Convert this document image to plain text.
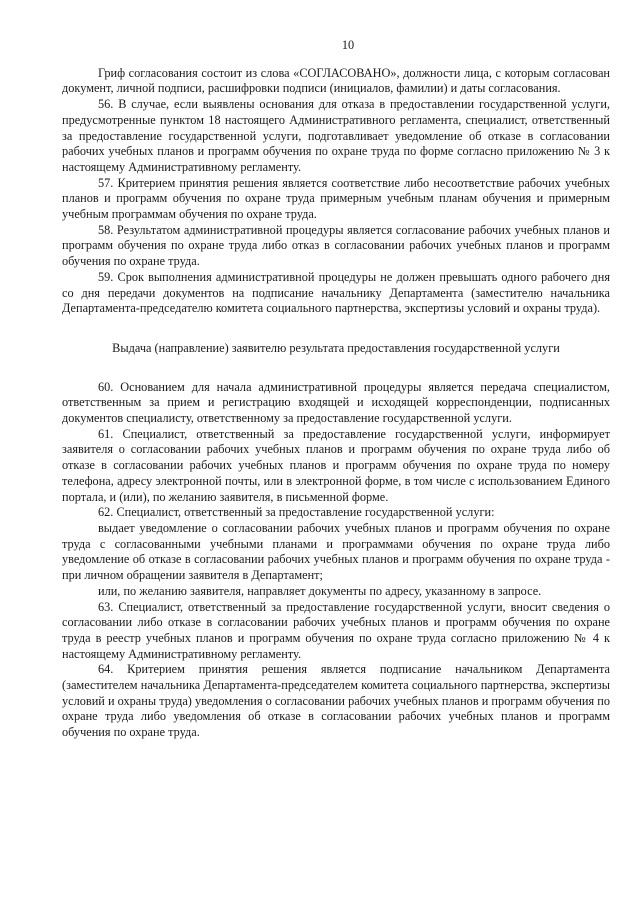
10

Гриф согласования состоит из слова «СОГЛАСОВАНО», должности лица, с которым согласован документ, личной подписи, расшифровки подписи (инициалов, фамилии) и даты согласования.

56. В случае, если выявлены основания для отказа в предоставлении государственной услуги, предусмотренные пунктом 18 настоящего Административного регламента, специалист, ответственный за предоставление государственной услуги, подготавливает уведомление об отказе в согласовании рабочих учебных планов и программ обучения по охране труда по форме согласно приложению № 3 к настоящему Административному регламенту.

57. Критерием принятия решения является соответствие либо несоответствие рабочих учебных планов и программ обучения по охране труда примерным учебным планам обучения и примерным учебным программам обучения по охране труда.

58. Результатом административной процедуры является согласование рабочих учебных планов и программ обучения по охране труда либо отказ в согласовании рабочих учебных планов и программ обучения по охране труда.

59. Срок выполнения административной процедуры не должен превышать одного рабочего дня со дня передачи документов на подписание начальнику Департамента (заместителю начальника Департамента-председателю комитета социального партнерства, экспертизы условий и охраны труда).

Выдача (направление) заявителю результата предоставления государственной услуги

60. Основанием для начала административной процедуры является передача специалистом, ответственным за прием и регистрацию входящей и исходящей корреспонденции, подписанных документов специалисту, ответственному за предоставление государственной услуги.

61. Специалист, ответственный за предоставление государственной услуги, информирует заявителя о согласовании рабочих учебных планов и программ обучения по охране труда либо об отказе в согласовании рабочих учебных планов и программ обучения по охране труда по номеру телефона, адресу электронной почты, или в электронной форме, в том числе с использованием Единого портала, и (или), по желанию заявителя, в письменной форме.

62. Специалист, ответственный за предоставление государственной услуги:

выдает уведомление о согласовании рабочих учебных планов и программ обучения по охране труда с согласованными учебными планами и программами обучения по охране труда либо уведомление об отказе в согласовании рабочих учебных планов и программ обучения по охране труда - при личном обращении заявителя в Департамент;

или, по желанию заявителя, направляет документы по адресу, указанному в запросе.

63. Специалист, ответственный за предоставление государственной услуги, вносит сведения о согласовании либо отказе в согласовании рабочих учебных планов и программ обучения по охране труда в реестр учебных планов и программ обучения по охране труда согласно приложению № 4 к настоящему Административному регламенту.

64. Критерием принятия решения является подписание начальником Департамента (заместителем начальника Департамента-председателем комитета социального партнерства, экспертизы условий и охраны труда) уведомления о согласовании рабочих учебных планов и программ обучения по охране труда либо уведомления об отказе в согласовании рабочих учебных планов и программ обучения по охране труда.
